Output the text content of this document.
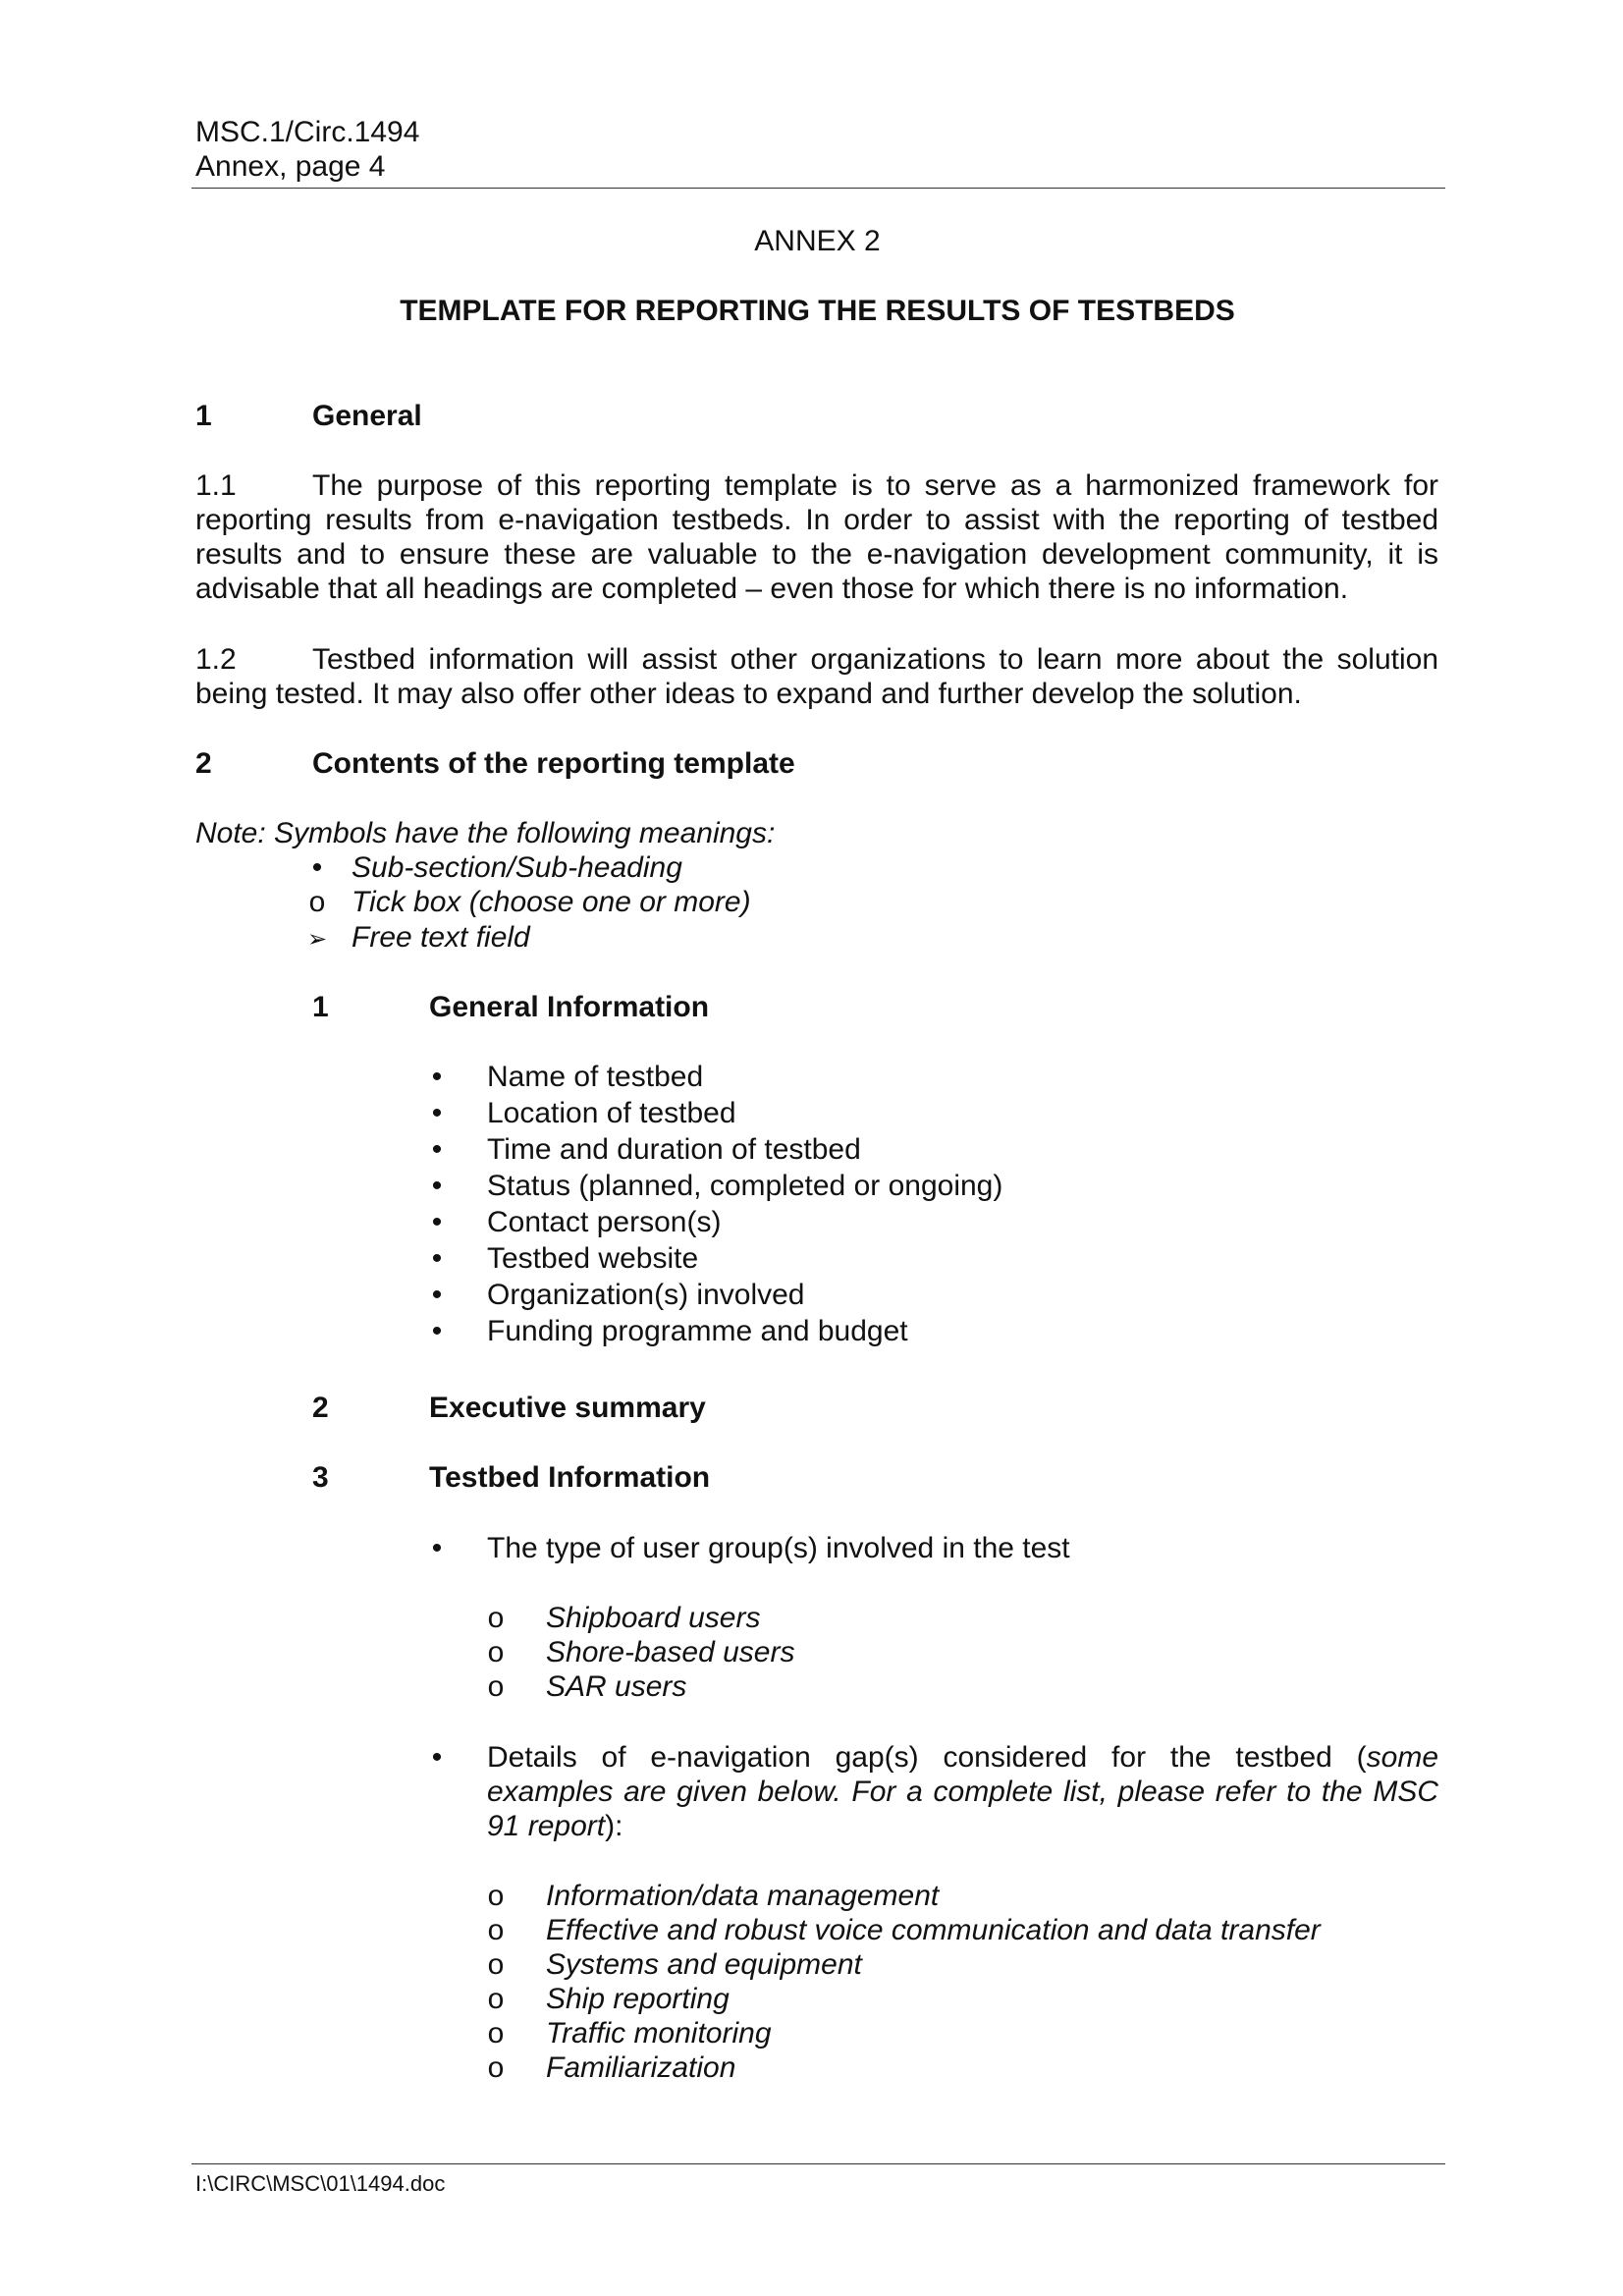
MSC.1/Circ.1494
Annex, page 4
ANNEX 2
TEMPLATE FOR REPORTING THE RESULTS OF TESTBEDS
1	General

1.1	The purpose of this reporting template is to serve as a harmonized framework for reporting results from e-navigation testbeds. In order to assist with the reporting of testbed results and to ensure these are valuable to the e-navigation development community, it is advisable that all headings are completed – even those for which there is no information.

1.2	Testbed information will assist other organizations to learn more about the solution being tested. It may also offer other ideas to expand and further develop the solution.

2	Contents of the reporting template
Note: Symbols have the following meanings:
• Sub-section/Sub-heading
o Tick box (choose one or more)
➢ Free text field
1	General Information
•	Name of testbed
•	Location of testbed
•	Time and duration of testbed
•	Status (planned, completed or ongoing)
•	Contact person(s)
•	Testbed website
•	Organization(s) involved
•	Funding programme and budget
2	Executive summary
3	Testbed Information
•	The type of user group(s) involved in the test
o Shipboard users
o Shore-based users
o SAR users
•	Details of e-navigation gap(s) considered for the testbed (some examples are given below. For a complete list, please refer to the MSC 91 report):
o Information/data management
o Effective and robust voice communication and data transfer
o Systems and equipment
o Ship reporting
o Traffic monitoring
o Familiarization
I:\CIRC\MSC\01\1494.doc
